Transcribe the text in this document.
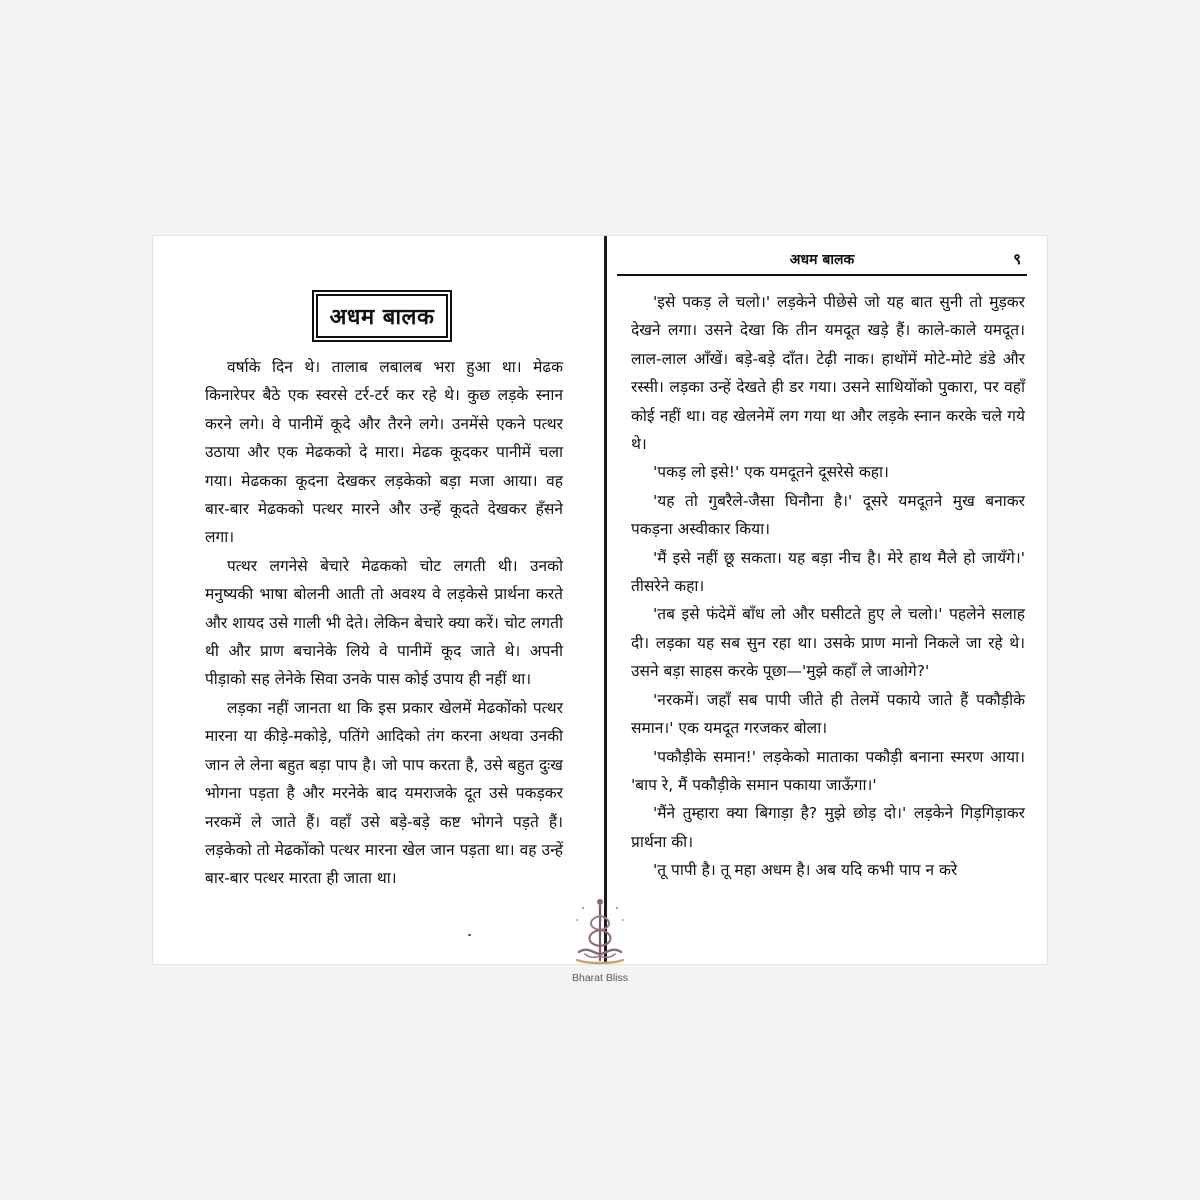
अधम बालक

वर्षाके दिन थे। तालाब लबालब भरा हुआ था। मेढक किनारेपर बैठे एक स्वरसे टर्र-टर्र कर रहे थे। कुछ लड़के स्नान करने लगे। वे पानीमें कूदे और तैरने लगे। उनमेंसे एकने पत्थर उठाया और एक मेढकको दे मारा। मेढक कूदकर पानीमें चला गया। मेढकका कूदना देखकर लड़केको बड़ा मजा आया। वह बार-बार मेढकको पत्थर मारने और उन्हें कूदते देखकर हँसने लगा।

पत्थर लगनेसे बेचारे मेढकको चोट लगती थी। उनको मनुष्यकी भाषा बोलनी आती तो अवश्य वे लड़केसे प्रार्थना करते और शायद उसे गाली भी देते। लेकिन बेचारे क्या करें। चोट लगती थी और प्राण बचानेके लिये वे पानीमें कूद जाते थे। अपनी पीड़ाको सह लेनेके सिवा उनके पास कोई उपाय ही नहीं था।

लड़का नहीं जानता था कि इस प्रकार खेलमें मेढकोंको पत्थर मारना या कीड़े-मकोड़े, पतिंगे आदिको तंग करना अथवा उनकी जान ले लेना बहुत बड़ा पाप है। जो पाप करता है, उसे बहुत दुःख भोगना पड़ता है और मरनेके बाद यमराजके दूत उसे पकड़कर नरकमें ले जाते हैं। वहाँ उसे बड़े-बड़े कष्ट भोगने पड़ते हैं। लड़केको तो मेढकोंको पत्थर मारना खेल जान पड़ता था। वह उन्हें बार-बार पत्थर मारता ही जाता था।

अधम बालक	९

'इसे पकड़ ले चलो।' लड़केने पीछेसे जो यह बात सुनी तो मुड़कर देखने लगा। उसने देखा कि तीन यमदूत खड़े हैं। काले-काले यमदूत। लाल-लाल आँखें। बड़े-बड़े दाँत। टेढ़ी नाक। हाथोंमें मोटे-मोटे डंडे और रस्सी। लड़का उन्हें देखते ही डर गया। उसने साथियोंको पुकारा, पर वहाँ कोई नहीं था। वह खेलनेमें लग गया था और लड़के स्नान करके चले गये थे।

'पकड़ लो इसे!' एक यमदूतने दूसरेसे कहा।

'यह तो गुबरैले-जैसा घिनौना है।' दूसरे यमदूतने मुख बनाकर पकड़ना अस्वीकार किया।

'मैं इसे नहीं छू सकता। यह बड़ा नीच है। मेरे हाथ मैले हो जायँगे।' तीसरेने कहा।

'तब इसे फंदेमें बाँध लो और घसीटते हुए ले चलो।' पहलेने सलाह दी। लड़का यह सब सुन रहा था। उसके प्राण मानो निकले जा रहे थे। उसने बड़ा साहस करके पूछा—'मुझे कहाँ ले जाओगे?'

'नरकमें। जहाँ सब पापी जीते ही तेलमें पकाये जाते हैं पकौड़ीके समान।' एक यमदूत गरजकर बोला।

'पकौड़ीके समान!' लड़केको माताका पकौड़ी बनाना स्मरण आया। 'बाप रे, मैं पकौड़ीके समान पकाया जाऊँगा।'

'मैंने तुम्हारा क्या बिगाड़ा है? मुझे छोड़ दो।' लड़केने गिड़गिड़ाकर प्रार्थना की।

'तू पापी है। तू महा अधम है। अब यदि कभी पाप न करे

Bharat Bliss
